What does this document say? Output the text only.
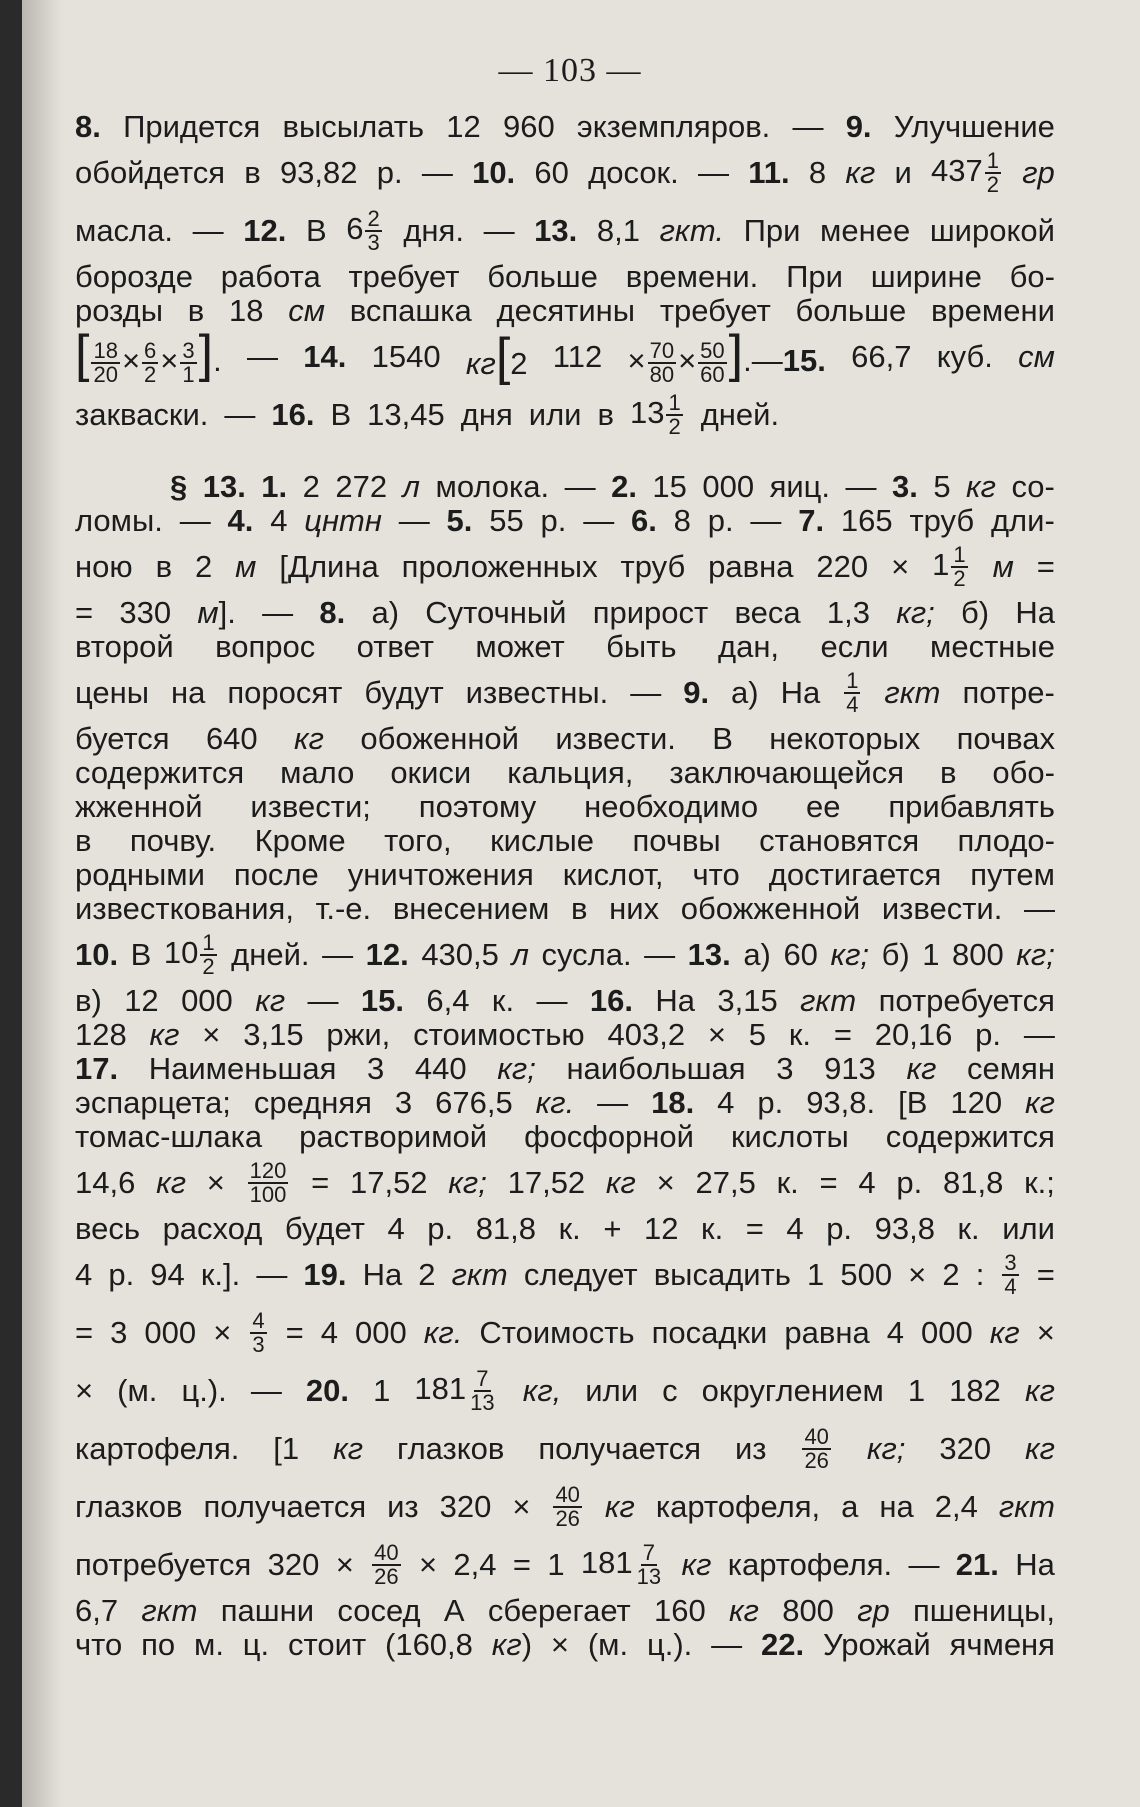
— 103 —
8. Придется высылать 12 960 экземпляров. — 9. Улучшение
обойдется в 93,82 р. — 10. 60 досок. — 11. 8 кг и $437 \frac{1}{2}$ гр
масла. — 12. В $6 \frac{2}{3}$ дня. — 13. 8,1 гкт. При менее широкой
борозде работа требует больше времени. При ширине бо-
розды в 18 см вспашка десятины требует больше времени
[ $\frac{18}{20} \times \frac{6}{2} \times \frac{3}{1}$ ]. — 14. 1540 кг[2 $112 \times \frac{70}{80} \times \frac{50}{60}$ ].—15. 66,7 куб. см
закваски. — 16. В 13,45 дня или в $13 \frac{1}{2}$ дней.
§ 13. 1. 2 272 л молока. — 2. 15 000 яиц. — 3. 5 кг со-
ломы. — 4. 4 цнтн — 5. 55 р. — 6. 8 р. — 7. 165 труб дли-
ною в 2 м [Длина проложенных труб равна $220 \times 1 \frac{1}{2}$ м =
= 330 м]. — 8. а) Суточный прирост веса 1,3 кг; б) На
второй вопрос ответ может быть дан, если местные
цены на поросят будут известны. — 9. а) На $\frac{1}{4}$ гкт потре-
буется 640 кг обоженной извести. В некоторых почвах
содержится мало окиси кальция, заключающейся в обо-
жженной извести; поэтому необходимо ее прибавлять
в почву. Кроме того, кислые почвы становятся плодо-
родными после уничтожения кислот, что достигается путем
известкования, т.-е. внесением в них обожженной извести. —
10. В $10 \frac{1}{2}$ дней. — 12. 430,5 л сусла. — 13. а) 60 кг; б) 1 800 кг;
в) 12 000 кг — 15. 6,4 к. — 16. На 3,15 гкт потребуется
128 кг × 3,15 ржи, стоимостью 403,2 × 5 к. = 20,16 р. —
17. Наименьшая 3 440 кг; наибольшая 3 913 кг семян
эспарцета; средняя 3 676,5 кг. — 18. 4 р. 93,8. [В 120 кг
томас-шлака растворимой фосфорной кислоты содержится
14,6 кг × $\frac{120}{100} = 17,52$ кг; 17,52 кг × 27,5 к. = 4 р. 81,8 к.;
весь расход будет 4 р. 81,8 к. + 12 к. = 4 р. 93,8 к. или
4 р. 94 к.]. — 19. На 2 гкт следует высадить 1 500 × 2 : $\frac{3}{4}$ =
= 3 $000 \times \frac{4}{3} = 4$ 000 кг. Стоимость посадки равна 4 000 кг ×
× (м. ц.). — 20. 1 $181 \frac{7}{13}$ кг, или с округлением 1 182 кг
картофеля. [1 кг глазков получается из $\frac{40}{26}$ кг; 320 кг
глазков получается из $320 \times \frac{40}{26}$ кг картофеля, а на 2,4 гкт
потребуется $320 \times \frac{40}{26} \times 2,4 = 1$ $181 \frac{7}{13}$ кг картофеля. — 21. На
6,7 гкт пашни сосед А сберегает 160 кг 800 гр пшеницы,
что по м. ц. стоит (160,8 кг) × (м. ц.). — 22. Урожай ячменя
